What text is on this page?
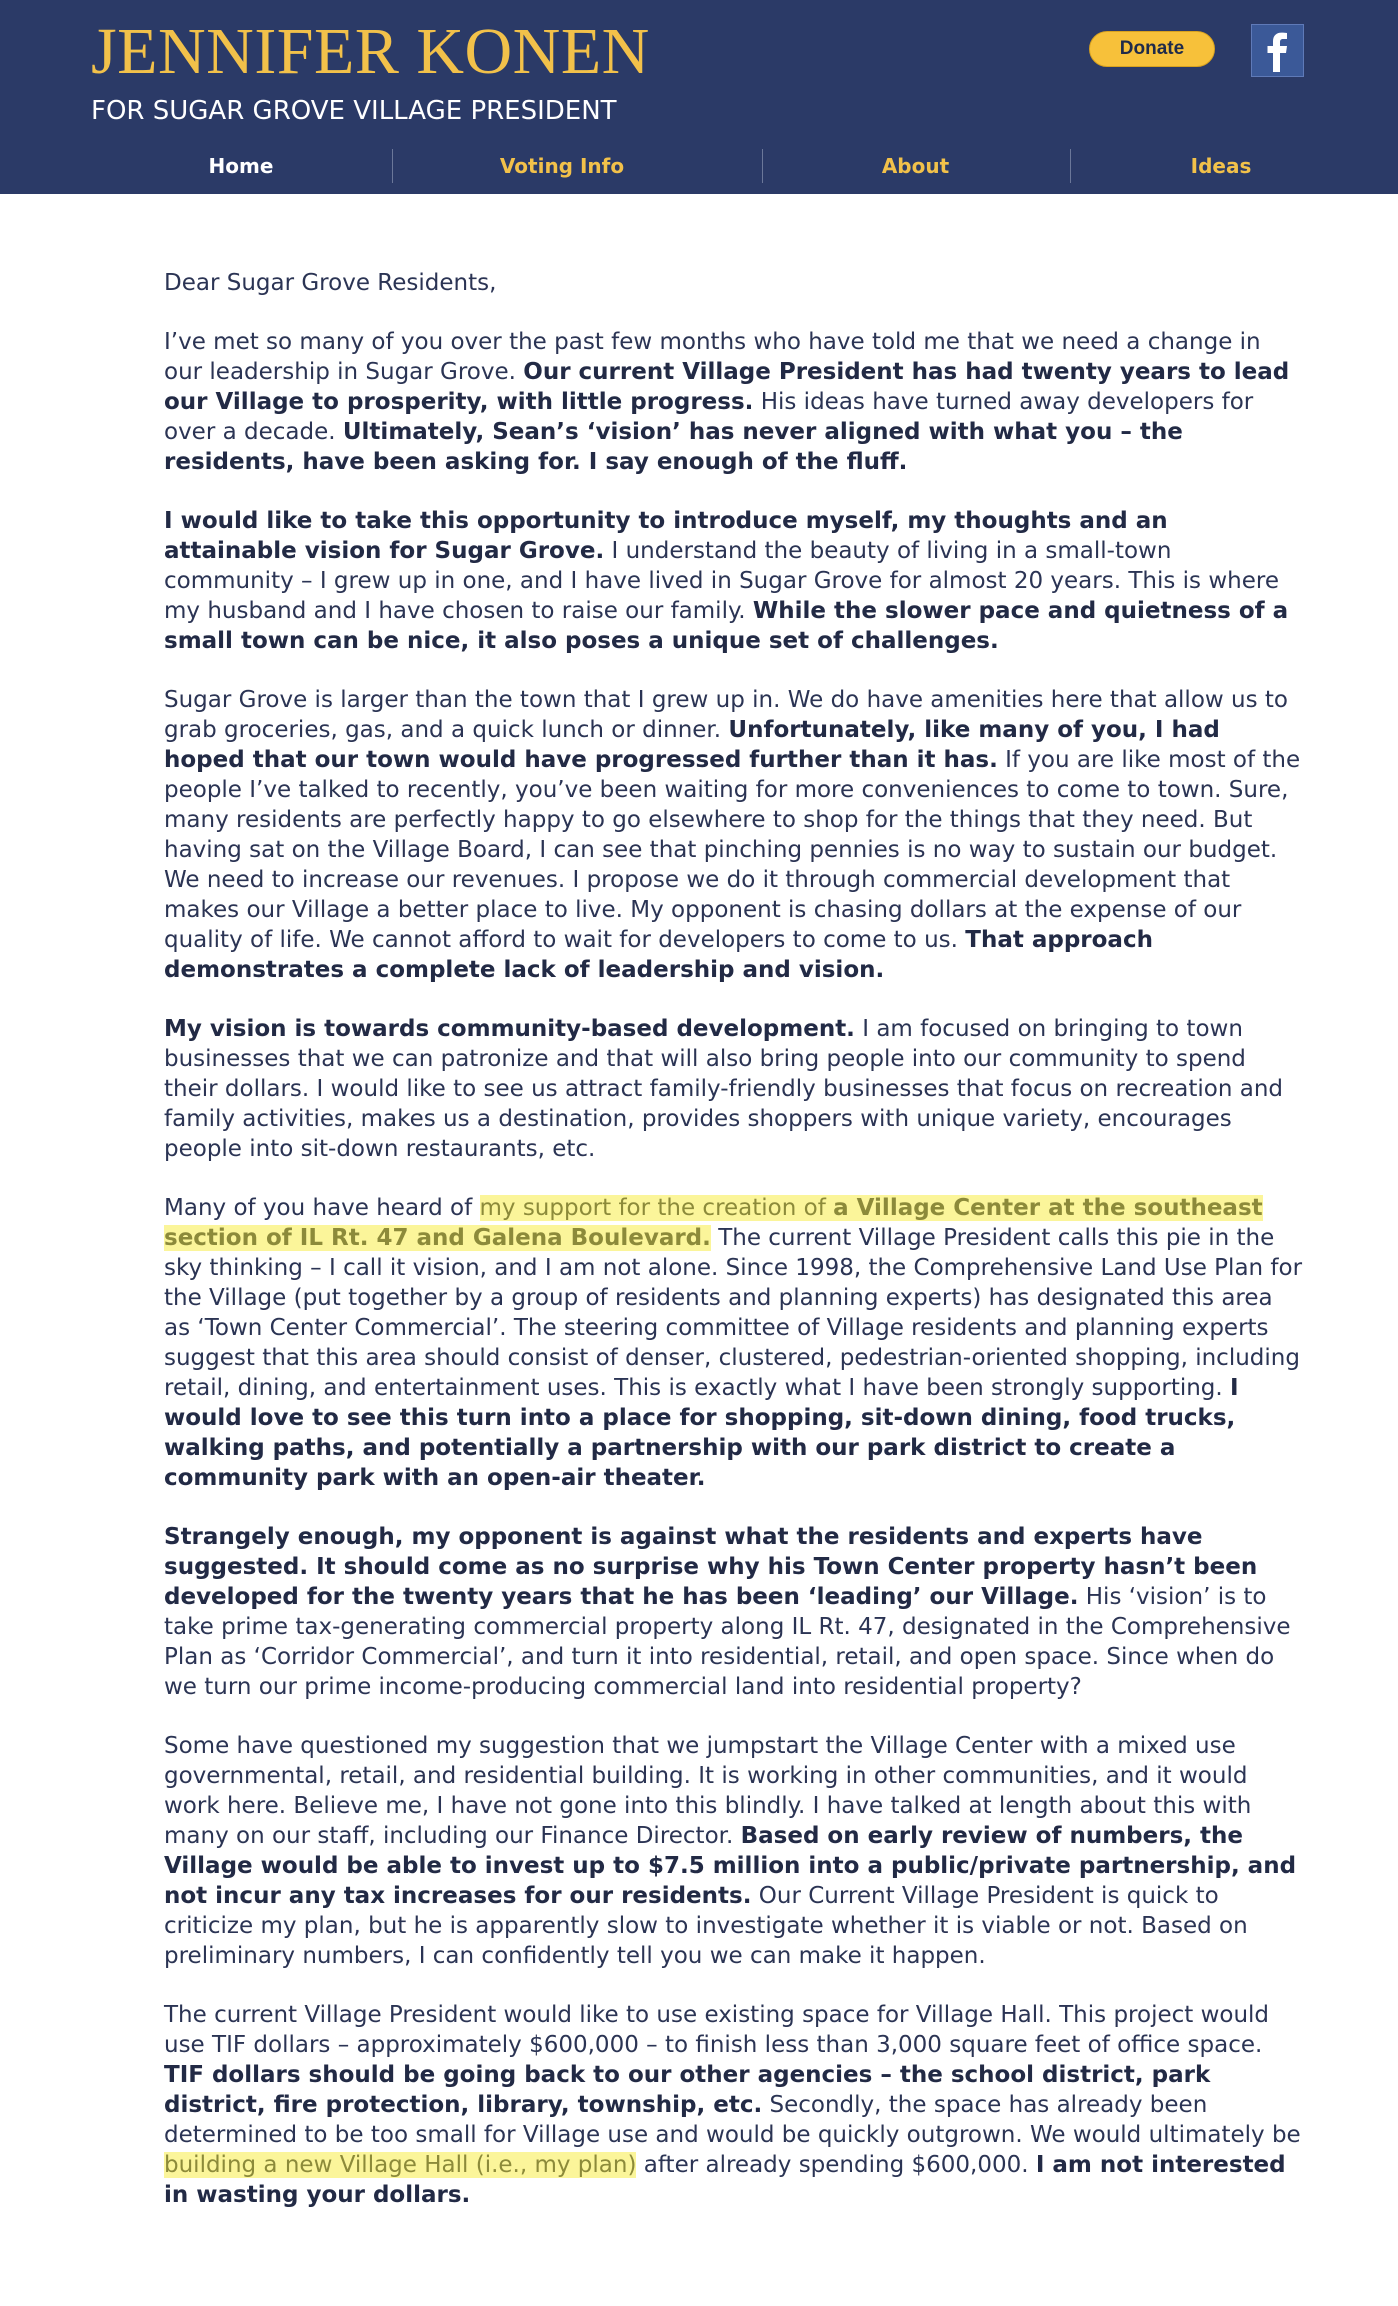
JENNIFER KONEN
FOR SUGAR GROVE VILLAGE PRESIDENT
Donate
Home	Voting Info	About	Ideas

Dear Sugar Grove Residents,

I’ve met so many of you over the past few months who have told me that we need a change in our leadership in Sugar Grove. Our current Village President has had twenty years to lead our Village to prosperity, with little progress. His ideas have turned away developers for over a decade. Ultimately, Sean’s ‘vision’ has never aligned with what you – the residents, have been asking for. I say enough of the fluff.

I would like to take this opportunity to introduce myself, my thoughts and an attainable vision for Sugar Grove. I understand the beauty of living in a small-town community – I grew up in one, and I have lived in Sugar Grove for almost 20 years. This is where my husband and I have chosen to raise our family. While the slower pace and quietness of a small town can be nice, it also poses a unique set of challenges.

Sugar Grove is larger than the town that I grew up in. We do have amenities here that allow us to grab groceries, gas, and a quick lunch or dinner. Unfortunately, like many of you, I had hoped that our town would have progressed further than it has. If you are like most of the people I’ve talked to recently, you’ve been waiting for more conveniences to come to town. Sure, many residents are perfectly happy to go elsewhere to shop for the things that they need. But having sat on the Village Board, I can see that pinching pennies is no way to sustain our budget. We need to increase our revenues. I propose we do it through commercial development that makes our Village a better place to live. My opponent is chasing dollars at the expense of our quality of life. We cannot afford to wait for developers to come to us. That approach demonstrates a complete lack of leadership and vision.

My vision is towards community-based development. I am focused on bringing to town businesses that we can patronize and that will also bring people into our community to spend their dollars. I would like to see us attract family-friendly businesses that focus on recreation and family activities, makes us a destination, provides shoppers with unique variety, encourages people into sit-down restaurants, etc.

Many of you have heard of my support for the creation of a Village Center at the southeast section of IL Rt. 47 and Galena Boulevard. The current Village President calls this pie in the sky thinking – I call it vision, and I am not alone. Since 1998, the Comprehensive Land Use Plan for the Village (put together by a group of residents and planning experts) has designated this area as ‘Town Center Commercial’. The steering committee of Village residents and planning experts suggest that this area should consist of denser, clustered, pedestrian-oriented shopping, including retail, dining, and entertainment uses. This is exactly what I have been strongly supporting. I would love to see this turn into a place for shopping, sit-down dining, food trucks, walking paths, and potentially a partnership with our park district to create a community park with an open-air theater.

Strangely enough, my opponent is against what the residents and experts have suggested. It should come as no surprise why his Town Center property hasn’t been developed for the twenty years that he has been ‘leading’ our Village. His ‘vision’ is to take prime tax-generating commercial property along IL Rt. 47, designated in the Comprehensive Plan as ‘Corridor Commercial’, and turn it into residential, retail, and open space. Since when do we turn our prime income-producing commercial land into residential property?

Some have questioned my suggestion that we jumpstart the Village Center with a mixed use governmental, retail, and residential building. It is working in other communities, and it would work here. Believe me, I have not gone into this blindly. I have talked at length about this with many on our staff, including our Finance Director. Based on early review of numbers, the Village would be able to invest up to $7.5 million into a public/private partnership, and not incur any tax increases for our residents. Our Current Village President is quick to criticize my plan, but he is apparently slow to investigate whether it is viable or not. Based on preliminary numbers, I can confidently tell you we can make it happen.

The current Village President would like to use existing space for Village Hall. This project would use TIF dollars – approximately $600,000 – to finish less than 3,000 square feet of office space. TIF dollars should be going back to our other agencies – the school district, park district, fire protection, library, township, etc. Secondly, the space has already been determined to be too small for Village use and would be quickly outgrown. We would ultimately be building a new Village Hall (i.e., my plan) after already spending $600,000. I am not interested in wasting your dollars.
